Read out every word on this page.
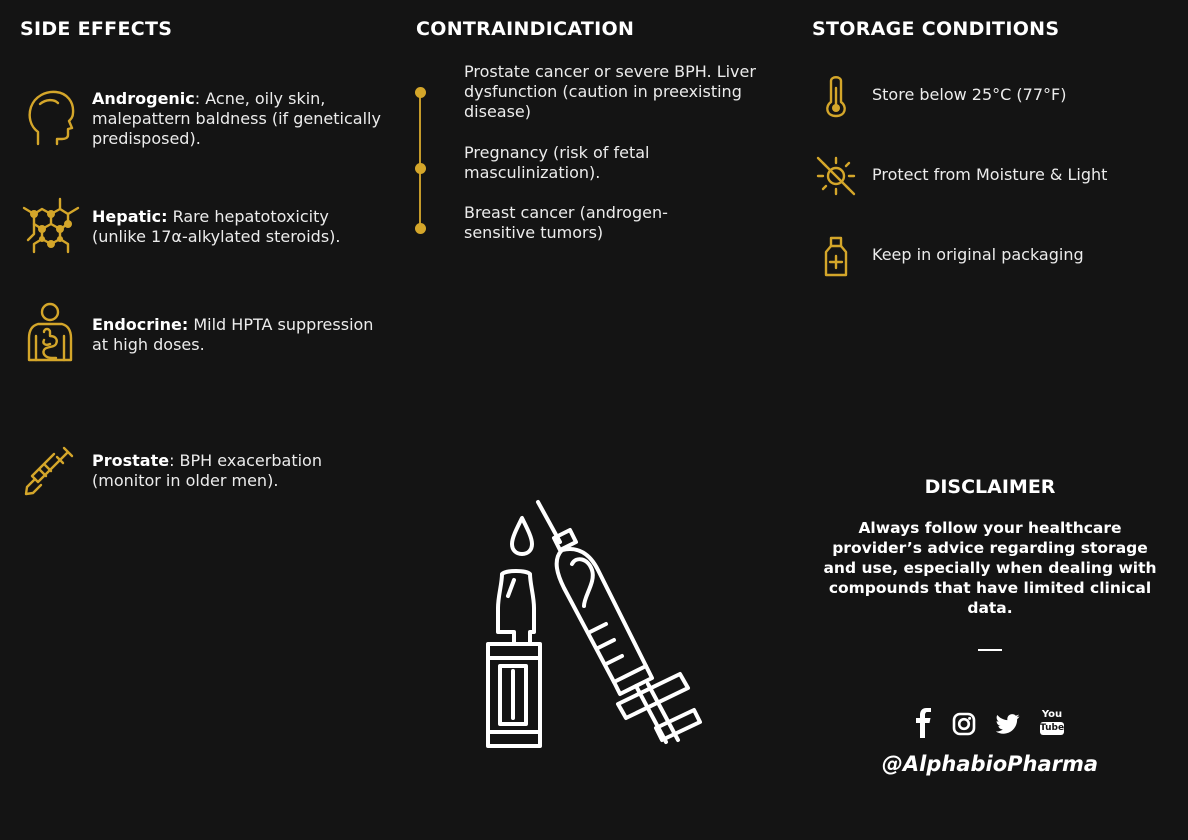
SIDE EFFECTS
Androgenic: Acne, oily skin, malepattern baldness (if genetically predisposed).
Hepatic: Rare hepatotoxicity (unlike 17α-alkylated steroids).
Endocrine: Mild HPTA suppression at high doses.
Prostate: BPH exacerbation (monitor in older men).
CONTRAINDICATION
Prostate cancer or severe BPH. Liver dysfunction (caution in preexisting disease)
Pregnancy (risk of fetal masculinization).
Breast cancer (androgen-sensitive tumors)
STORAGE CONDITIONS
Store below 25°C (77°F)
Protect from Moisture & Light
Keep in original packaging
DISCLAIMER
Always follow your healthcare provider’s advice regarding storage and use, especially when dealing with compounds that have limited clinical data.
You
Tube
@AlphabioPharma
